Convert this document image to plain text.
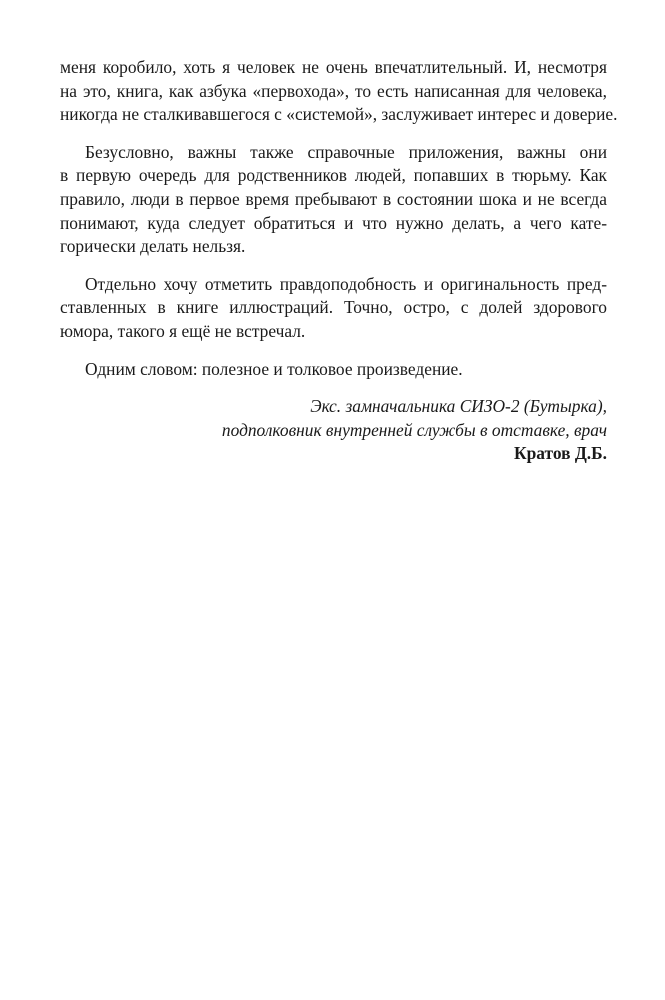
меня коробило, хоть я человек не очень впечатлительный. И, несмотря
на это, книга, как азбука «первохода», то есть написанная для человека,
никогда не сталкивавшегося с «системой», заслуживает интерес и доверие.
Безусловно, важны также справочные приложения, важны они
в первую очередь для родственников людей, попавших в тюрьму. Как
правило, люди в первое время пребывают в состоянии шока и не всегда
понимают, куда следует обратиться и что нужно делать, а чего кате-
горически делать нельзя.
Отдельно хочу отметить правдоподобность и оригинальность пред-
ставленных в книге иллюстраций. Точно, остро, с долей здорового
юмора, такого я ещё не встречал.
Одним словом: полезное и толковое произведение.
Экс. замначальника СИЗО-2 (Бутырка),
подполковник внутренней службы в отставке, врач
Кратов Д.Б.
